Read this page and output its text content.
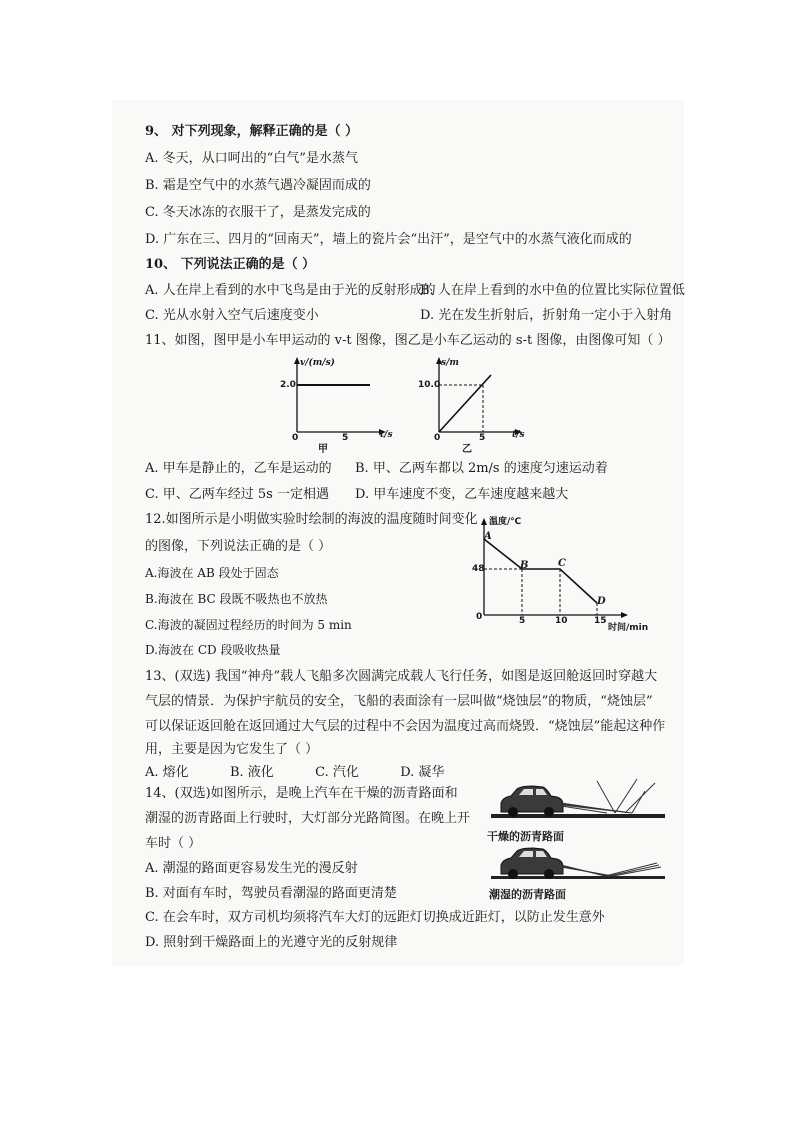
9、 对下列现象，解释正确的是（ ）
A. 冬天，从口呵出的“白气”是水蒸气
B. 霜是空气中的水蒸气遇冷凝固而成的
C. 冬天冰冻的衣服干了，是蒸发完成的
D. 广东在三、四月的“回南天”，墙上的瓷片会“出汗”，是空气中的水蒸气液化而成的
10、 下列说法正确的是（ ）
A. 人在岸上看到的水中飞鸟是由于光的反射形成的
B. 人在岸上看到的水中鱼的位置比实际位置低
C. 光从水射入空气后速度变小	D. 光在发生折射后，折射角一定小于入射角
11、如图，图甲是小车甲运动的 v-t 图像，图乙是小车乙运动的 s-t 图像，由图像可知（ ）
v/(m/s)
2.0
0	5	t/s
甲
s/m
10.0
0	5	t/s
乙
A. 甲车是静止的，乙车是运动的 B. 甲、乙两车都以 2m/s 的速度匀速运动着
C. 甲、乙两车经过 5s 一定相遇 D. 甲车速度不变，乙车速度越来越大
12.如图所示是小明做实验时绘制的海波的温度随时间变化
的图像，下列说法正确的是（ ）
A.海波在 AB 段处于固态
B.海波在 BC 段既不吸热也不放热
C.海波的凝固过程经历的时间为 5 min
D.海波在 CD 段吸收热量
温度/℃
48
0	5	10	15
时间/min
A
B	C
D
13、(双选) 我国“神舟”载人飞船多次圆满完成载人飞行任务，如图是返回舱返回时穿越大
气层的情景．为保护宇航员的安全，飞船的表面涂有一层叫做“烧蚀层”的物质，“烧蚀层”
可以保证返回舱在返回通过大气层的过程中不会因为温度过高而烧毁．“烧蚀层”能起这种作
用，主要是因为它发生了（ ）
A. 熔化          B. 液化          C. 汽化          D. 凝华
14、(双选)如图所示，是晚上汽车在干燥的沥青路面和
潮湿的沥青路面上行驶时，大灯部分光路简图。在晚上开
车时（ ）
A. 潮湿的路面更容易发生光的漫反射
B. 对面有车时，驾驶员看潮湿的路面更清楚
C. 在会车时，双方司机均须将汽车大灯的远距灯切换成近距灯，以防止发生意外
D. 照射到干燥路面上的光遵守光的反射规律
干燥的沥青路面
潮湿的沥青路面
